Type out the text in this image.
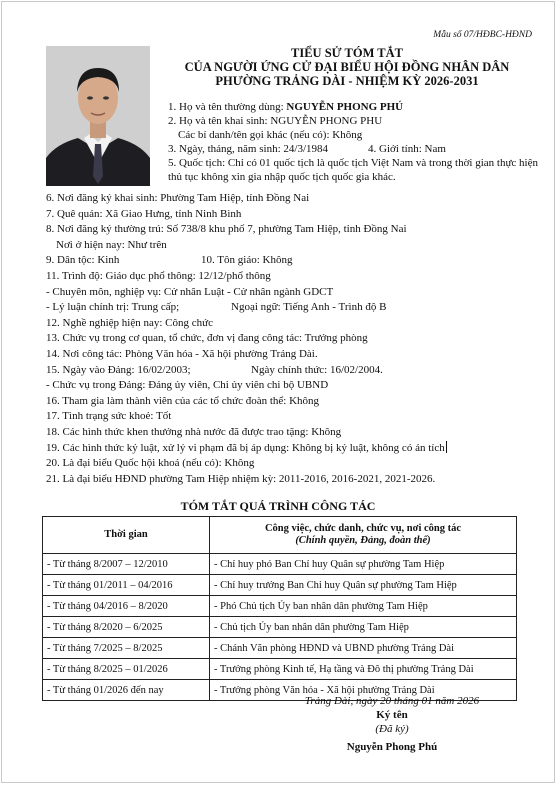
Mẫu số 07/HĐBC-HĐND
TIỂU SỬ TÓM TẮT
CỦA NGƯỜI ỨNG CỬ ĐẠI BIỂU HỘI ĐỒNG NHÂN DÂN
PHƯỜNG TRẢNG DÀI - NHIỆM KỲ 2026-2031
1. Họ và tên thường dùng: NGUYỄN PHONG PHÚ
2. Họ và tên khai sinh: NGUYỄN PHONG PHU
Các bí danh/tên gọi khác (nếu có): Không
3. Ngày, tháng, năm sinh: 24/3/1984	4. Giới tính: Nam
5. Quốc tịch: Chỉ có 01 quốc tịch là quốc tịch Việt Nam và trong thời gian thực hiện thủ tục không xin gia nhập quốc tịch quốc gia khác.
6. Nơi đăng ký khai sinh: Phường Tam Hiệp, tỉnh Đồng Nai
7. Quê quán: Xã Giao Hưng, tỉnh Ninh Bình
8. Nơi đăng ký thường trú: Số 738/8 khu phố 7, phường Tam Hiệp, tỉnh Đồng Nai
Nơi ở hiện nay: Như trên
9. Dân tộc: Kinh	10. Tôn giáo: Không
11. Trình độ: Giáo dục phổ thông: 12/12/phổ thông
- Chuyên môn, nghiệp vụ: Cử nhân Luật - Cử nhân ngành GDCT
- Lý luận chính trị: Trung cấp;	Ngoại ngữ: Tiếng Anh - Trình độ B
12. Nghề nghiệp hiện nay: Công chức
13. Chức vụ trong cơ quan, tổ chức, đơn vị đang công tác: Trưởng phòng
14. Nơi công tác: Phòng Văn hóa - Xã hội phường Trảng Dài.
15. Ngày vào Đảng: 16/02/2003;	Ngày chính thức: 16/02/2004.
- Chức vụ trong Đảng: Đảng ủy viên, Chi ủy viên chi bộ UBND
16. Tham gia làm thành viên của các tổ chức đoàn thể: Không
17. Tình trạng sức khoẻ: Tốt
18. Các hình thức khen thưởng nhà nước đã được trao tặng: Không
19. Các hình thức kỷ luật, xử lý vi phạm đã bị áp dụng: Không bị kỷ luật, không có án tích
20. Là đại biểu Quốc hội khoá (nếu có): Không
21. Là đại biểu HĐND phường Tam Hiệp nhiệm kỳ: 2011-2016, 2016-2021, 2021-2026.
TÓM TẮT QUÁ TRÌNH CÔNG TÁC
Thời gian	Công việc, chức danh, chức vụ, nơi công tác
(Chính quyền, Đảng, đoàn thể)

- Từ tháng 8/2007 – 12/2010	- Chỉ huy phó Ban Chỉ huy Quân sự phường Tam Hiệp
- Từ tháng 01/2011 – 04/2016	- Chỉ huy trưởng Ban Chỉ huy Quân sự phường Tam Hiệp
- Từ tháng 04/2016 – 8/2020	- Phó Chủ tịch Ủy ban nhân dân phường Tam Hiệp
- Từ tháng 8/2020 – 6/2025	- Chủ tịch Ủy ban nhân dân phường Tam Hiệp
- Từ tháng 7/2025 – 8/2025	- Chánh Văn phòng HĐND và UBND phường Trảng Dài
- Từ tháng 8/2025 – 01/2026	- Trưởng phòng Kinh tế, Hạ tầng và Đô thị phường Trảng Dài
- Từ tháng 01/2026 đến nay	- Trưởng phòng Văn hóa - Xã hội phường Trảng Dài
Trảng Dài, ngày 20 tháng 01 năm 2026
Ký tên
(Đã ký)
Nguyễn Phong Phú
